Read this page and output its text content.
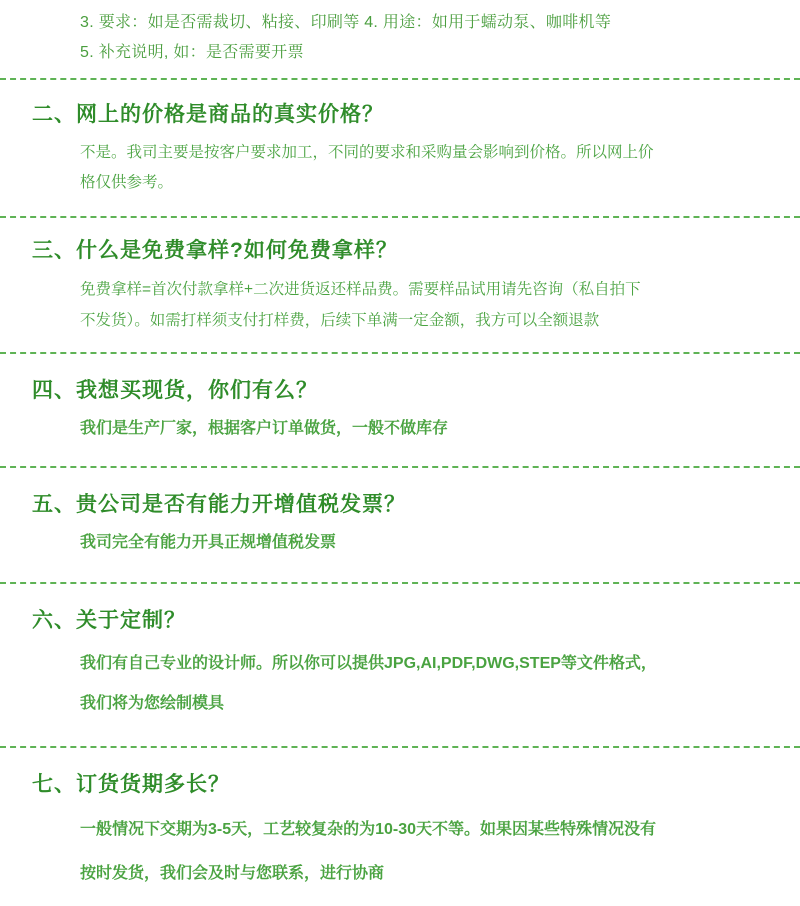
3. 要求：如是否需裁切、粘接、印刷等 4. 用途：如用于蠕动泵、咖啡机等
5. 补充说明, 如：是否需要开票
二、网上的价格是商品的真实价格？
不是。我司主要是按客户要求加工，不同的要求和采购量会影响到价格。所以网上价
格仅供参考。
三、什么是免费拿样?如何免费拿样？
免费拿样=首次付款拿样+二次进货返还样品费。需要样品试用请先咨询（私自拍下
不发货）。如需打样须支付打样费，后续下单满一定金额，我方可以全额退款
四、我想买现货，你们有么？
我们是生产厂家，根据客户订单做货，一般不做库存
五、贵公司是否有能力开增值税发票？
我司完全有能力开具正规增值税发票
六、关于定制？
我们有自己专业的设计师。所以你可以提供JPG,AI,PDF,DWG,STEP等文件格式，
我们将为您绘制模具
七、订货货期多长？
一般情况下交期为3-5天，工艺较复杂的为10-30天不等。如果因某些特殊情况没有
按时发货，我们会及时与您联系，进行协商
